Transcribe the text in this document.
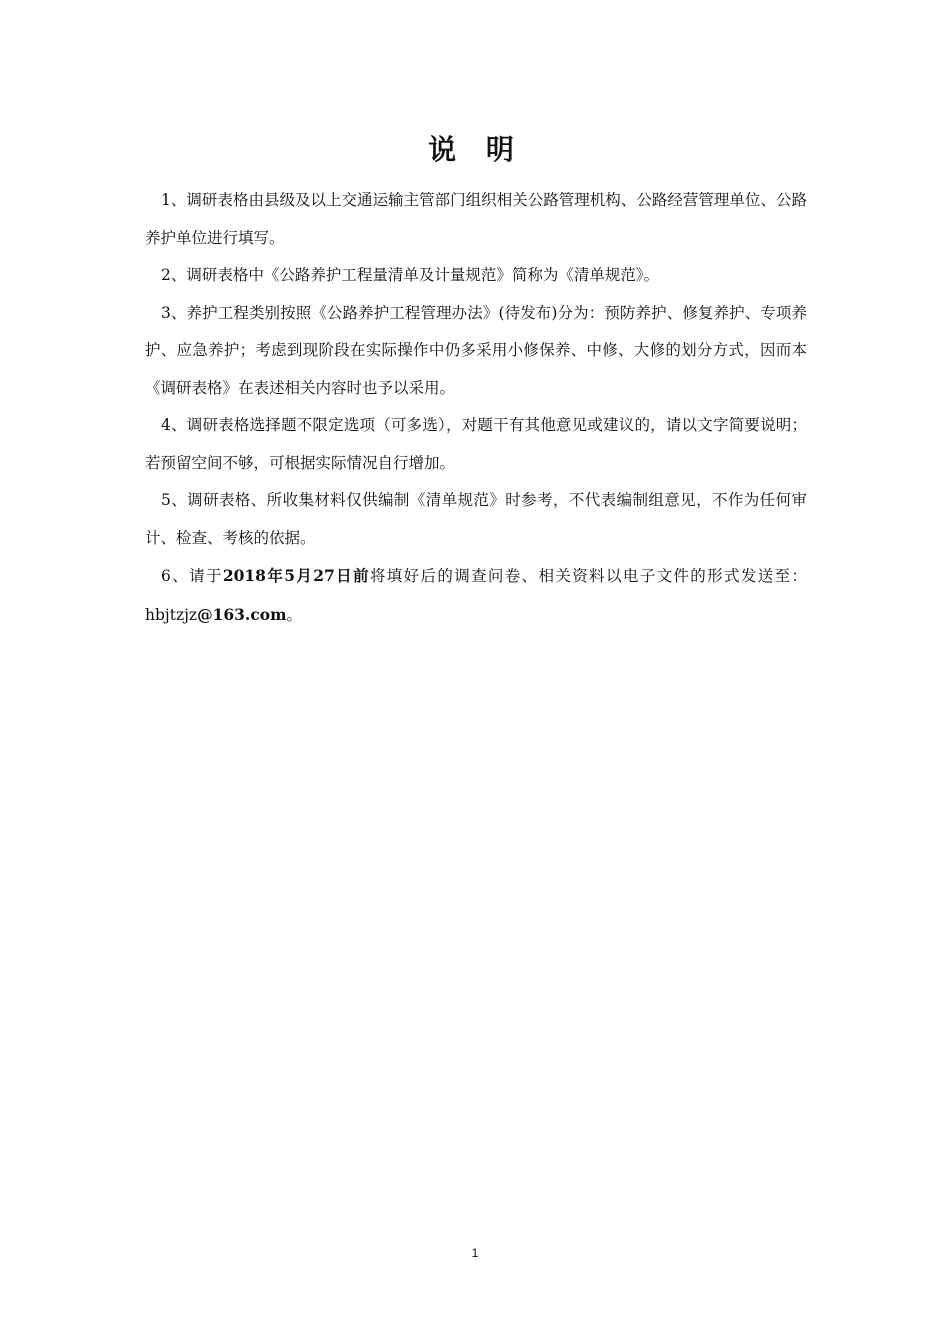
说 明

1、调研表格由县级及以上交通运输主管部门组织相关公路管理机构、公路经营管理单位、公路养护单位进行填写。

2、调研表格中《公路养护工程量清单及计量规范》简称为《清单规范》。

3、养护工程类别按照《公路养护工程管理办法》(待发布)分为：预防养护、修复养护、专项养护、应急养护；考虑到现阶段在实际操作中仍多采用小修保养、中修、大修的划分方式，因而本《调研表格》在表述相关内容时也予以采用。

4、调研表格选择题不限定选项（可多选），对题干有其他意见或建议的，请以文字简要说明；若预留空间不够，可根据实际情况自行增加。

5、调研表格、所收集材料仅供编制《清单规范》时参考，不代表编制组意见，不作为任何审计、检查、考核的依据。

6、请于2018年5月27日前将填好后的调查问卷、相关资料以电子文件的形式发送至：hbjtzjz@163.com。

1
